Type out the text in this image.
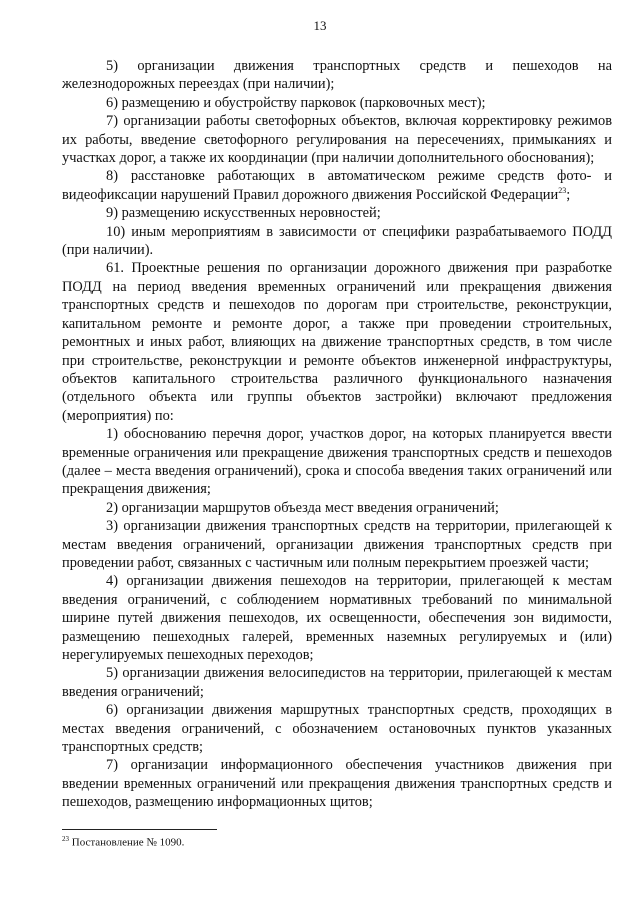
13

5) организации движения транспортных средств и пешеходов на железнодорожных переездах (при наличии);

6) размещению и обустройству парковок (парковочных мест);

7) организации работы светофорных объектов, включая корректировку режимов их работы, введение светофорного регулирования на пересечениях, примыканиях и участках дорог, а также их координации (при наличии дополнительного обоснования);

8) расстановке работающих в автоматическом режиме средств фото- и видеофиксации нарушений Правил дорожного движения Российской Федерации$^{23}$;

9) размещению искусственных неровностей;

10) иным мероприятиям в зависимости от специфики разрабатываемого ПОДД (при наличии).

61. Проектные решения по организации дорожного движения при разработке ПОДД на период введения временных ограничений или прекращения движения транспортных средств и пешеходов по дорогам при строительстве, реконструкции, капитальном ремонте и ремонте дорог, а также при проведении строительных, ремонтных и иных работ, влияющих на движение транспортных средств, в том числе при строительстве, реконструкции и ремонте объектов инженерной инфраструктуры, объектов капитального строительства различного функционального назначения (отдельного объекта или группы объектов застройки) включают предложения (мероприятия) по:

1) обоснованию перечня дорог, участков дорог, на которых планируется ввести временные ограничения или прекращение движения транспортных средств и пешеходов (далее – места введения ограничений), срока и способа введения таких ограничений или прекращения движения;

2) организации маршрутов объезда мест введения ограничений;

3) организации движения транспортных средств на территории, прилегающей к местам введения ограничений, организации движения транспортных средств при проведении работ, связанных с частичным или полным перекрытием проезжей части;

4) организации движения пешеходов на территории, прилегающей к местам введения ограничений, с соблюдением нормативных требований по минимальной ширине путей движения пешеходов, их освещенности, обеспечения зон видимости, размещению пешеходных галерей, временных наземных регулируемых и (или) нерегулируемых пешеходных переходов;

5) организации движения велосипедистов на территории, прилегающей к местам введения ограничений;

6) организации движения маршрутных транспортных средств, проходящих в местах введения ограничений, с обозначением остановочных пунктов указанных транспортных средств;

7) организации информационного обеспечения участников движения при введении временных ограничений или прекращения движения транспортных средств и пешеходов, размещению информационных щитов;

$^{23}$ Постановление № 1090.
